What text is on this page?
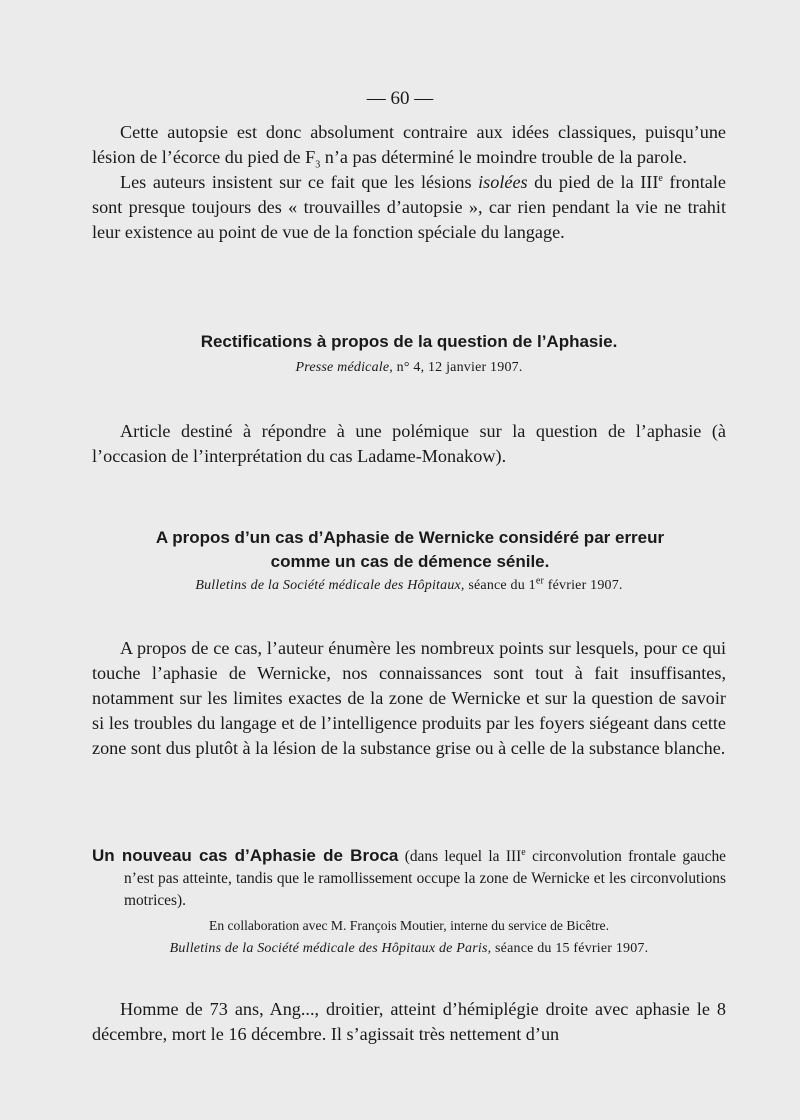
— 60 —

Cette autopsie est donc absolument contraire aux idées classiques, puisqu’une lésion de l’écorce du pied de $F_3$ n’a pas déterminé le moindre trouble de la parole.

Les auteurs insistent sur ce fait que les lésions isolées du pied de la IIIe frontale sont presque toujours des « trouvailles d’autopsie », car rien pendant la vie ne trahit leur existence au point de vue de la fonction spéciale du langage.

Rectifications à propos de la question de l’Aphasie.
Presse médicale, n° 4, 12 janvier 1907.

Article destiné à répondre à une polémique sur la question de l’aphasie (à l’occasion de l’interprétation du cas Ladame-Monakow).

A propos d’un cas d’Aphasie de Wernicke considéré par erreur
comme un cas de démence sénile.
Bulletins de la Société médicale des Hôpitaux, séance du 1er février 1907.

A propos de ce cas, l’auteur énumère les nombreux points sur lesquels, pour ce qui touche l’aphasie de Wernicke, nos connaissances sont tout à fait insuffisantes, notamment sur les limites exactes de la zone de Wernicke et sur la question de savoir si les troubles du langage et de l’intelligence produits par les foyers siégeant dans cette zone sont dus plutôt à la lésion de la substance grise ou à celle de la substance blanche.

Un nouveau cas d’Aphasie de Broca (dans lequel la IIIe circonvolution frontale gauche n’est pas atteinte, tandis que le ramollissement occupe la zone de Wernicke et les circonvolutions motrices).
En collaboration avec M. François Moutier, interne du service de Bicêtre.
Bulletins de la Société médicale des Hôpitaux de Paris, séance du 15 février 1907.

Homme de 73 ans, Ang..., droitier, atteint d’hémiplégie droite avec aphasie le 8 décembre, mort le 16 décembre. Il s’agissait très nettement d’un
